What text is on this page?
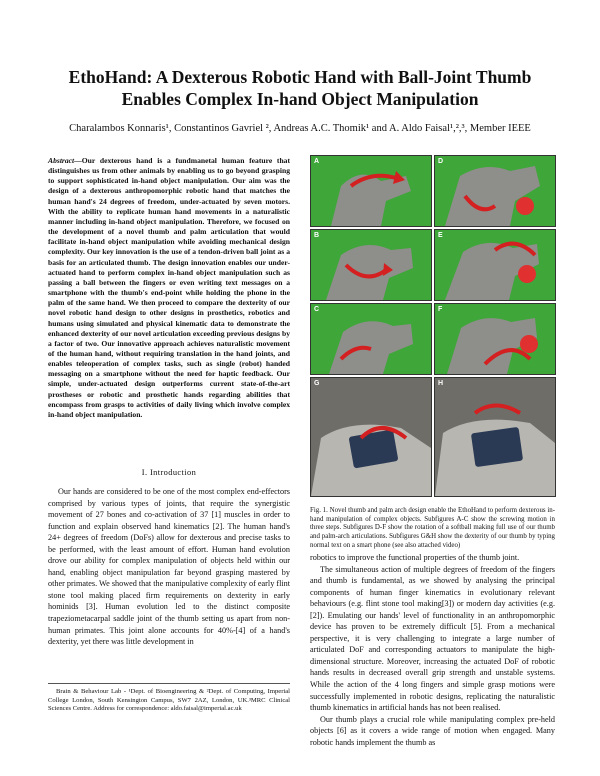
EthoHand: A Dexterous Robotic Hand with Ball-Joint Thumb Enables Complex In-hand Object Manipulation
Charalambos Konnaris¹, Constantinos Gavriel ², Andreas A.C. Thomik¹ and A. Aldo Faisal¹,²,³, Member IEEE

Abstract—Our dexterous hand is a fundmanetal human feature that distinguishes us from other animals by enabling us to go beyond grasping to support sophisticated in-hand object manipulation. Our aim was the design of a dexterous anthropomorphic robotic hand that matches the human hand's 24 degrees of freedom, under-actuated by seven motors. With the ability to replicate human hand movements in a naturalistic manner including in-hand object manipulation. Therefore, we focused on the development of a novel thumb and palm articulation that would facilitate in-hand object manipulation while avoiding mechanical design complexity. Our key innovation is the use of a tendon-driven ball joint as a basis for an articulated thumb. The design innovation enables our under-actuated hand to perform complex in-hand object manipulation such as passing a ball between the fingers or even writing text messages on a smartphone with the thumb's end-point while holding the phone in the palm of the same hand. We then proceed to compare the dexterity of our novel robotic hand design to other designs in prosthetics, robotics and humans using simulated and physical kinematic data to demonstrate the enhanced dexterity of our novel articulation exceeding previous designs by a factor of two. Our innovative approach achieves naturalistic movement of the human hand, without requiring translation in the hand joints, and enables teleoperation of complex tasks, such as single (robot) handed messaging on a smartphone without the need for haptic feedback. Our simple, under-actuated design outperforms current state-of-the-art prostheses or robotic and prosthetic hands regarding abilities that encompass from grasps to activities of daily living which involve complex in-hand object manipulation.

I. Introduction

Our hands are considered to be one of the most complex end-effectors comprised by various types of joints, that require the synergistic movement of 27 bones and co-activation of 37 [1] muscles in order to function and explain observed hand kinematics [2]. The human hand's 24+ degrees of freedom (DoFs) allow for dexterous and precise tasks to be performed, with the least amount of effort. Human hand evolution drove our ability for complex manipulation of objects held within our hand, enabling object manipulation far beyond grasping mastered by other primates. We showed that the manipulative complexity of early flint stone tool making placed firm requirements on dexterity in early hominids [3]. Human evolution led to the distinct composite trapeziometacarpal saddle joint of the thumb setting us apart from non-human primates. This joint alone accounts for 40%-[4] of a hand's dexterity, yet there was little development in

Brain & Behaviour Lab - ¹Dept. of Bioengineering & ²Dept. of Computing, Imperial College London, South Kensington Campus, SW7 2AZ, London, UK.³MRC Clinical Sciences Centre. Address for correspondence: aldo.faisal@imperial.ac.uk

A	D
B	E
C	F
G	H
Fig. 1. Novel thumb and palm arch design enable the EthoHand to perform dexterous in-hand manipulation of complex objects. Subfigures A-C show the screwing motion in three steps. Subfigures D-F show the rotation of a softball making full use of our thumb and palm-arch articulations. Subfigures G&H show the dexterity of our thumb by typing normal text on a smart phone (see also attached video)

robotics to improve the functional properties of the thumb joint.

The simultaneous action of multiple degrees of freedom of the fingers and thumb is fundamental, as we showed by analysing the principal components of human finger kinematics in evolutionary relevant behaviours (e.g. flint stone tool making[3]) or modern day activities (e.g.[2]). Emulating our hands' level of functionality in an anthropomorphic device has proven to be extremely difficult [5]. From a mechanical perspective, it is very challenging to integrate a large number of articulated DoF and corresponding actuators to manipulate the high-dimensional structure. Moreover, increasing the actuated DoF of robotic hands results in decreased overall grip strength and unstable systems. While the action of the 4 long fingers and simple grasp motions were successfully implemented in robotic designs, replicating the naturalistic thumb kinematics in artificial hands has not been realised.

Our thumb plays a crucial role while manipulating complex pre-held objects [6] as it covers a wide range of motion when engaged. Many robotic hands implement the thumb as
